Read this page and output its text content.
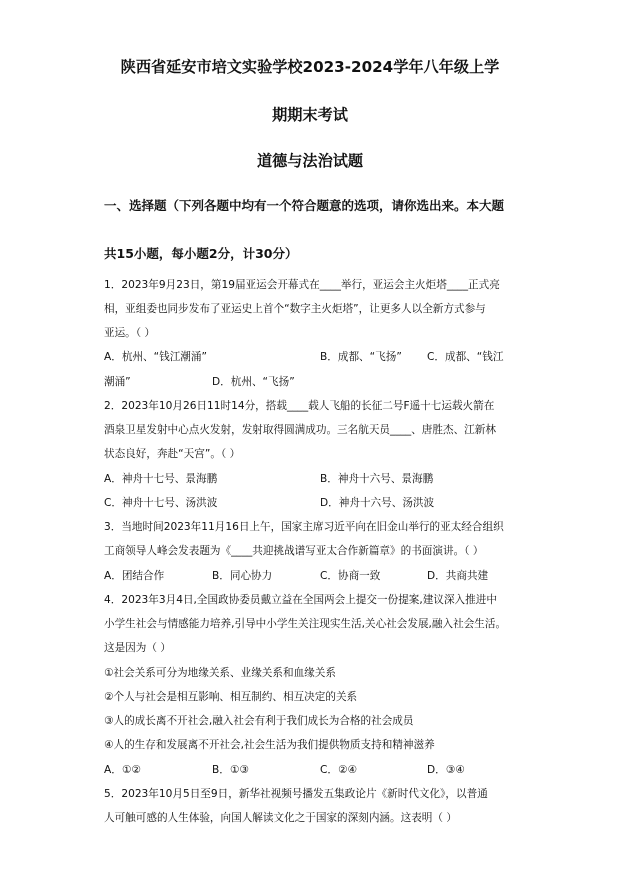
陕西省延安市培文实验学校2023-2024学年八年级上学
期期末考试
道德与法治试题
一、选择题（下列各题中均有一个符合题意的选项，请你选出来。本大题
共15小题，每小题2分，计30分）
1．2023年9月23日，第19届亚运会开幕式在____举行，亚运会主火炬塔____正式亮
相，亚组委也同步发布了亚运史上首个“数字主火炬塔”，让更多人以全新方式参与
亚运。（ ）
A．杭州、“钱江潮涌”	B．成都、“飞扬” C．成都、“钱江
潮涌”	D．杭州、“飞扬”
2．2023年10月26日11时14分，搭载____载人飞船的长征二号F遥十七运载火箭在
酒泉卫星发射中心点火发射，发射取得圆满成功。三名航天员____、唐胜杰、江新林
状态良好，奔赴“天宫”。（ ）
A．神舟十七号、景海鹏	B．神舟十六号、景海鹏
C．神舟十七号、汤洪波	D．神舟十六号、汤洪波
3．当地时间2023年11月16日上午，国家主席习近平向在旧金山举行的亚太经合组织
工商领导人峰会发表题为《____共迎挑战谱写亚太合作新篇章》的书面演讲。（ ）
A．团结合作	B．同心协力	C．协商一致	D．共商共建
4．2023年3月4日,全国政协委员戴立益在全国两会上提交一份提案,建议深入推进中
小学生社会与情感能力培养,引导中小学生关注现实生活,关心社会发展,融入社会生活。
这是因为（ ）
①社会关系可分为地缘关系、业缘关系和血缘关系
②个人与社会是相互影响、相互制约、相互决定的关系
③人的成长离不开社会,融入社会有利于我们成长为合格的社会成员
④人的生存和发展离不开社会,社会生活为我们提供物质支持和精神滋养
A．①②	B．①③	C．②④	D．③④
5．2023年10月5日至9日，新华社视频号播发五集政论片《新时代文化》，以普通
人可触可感的人生体验，向国人解读文化之于国家的深刻内涵。这表明（ ）
